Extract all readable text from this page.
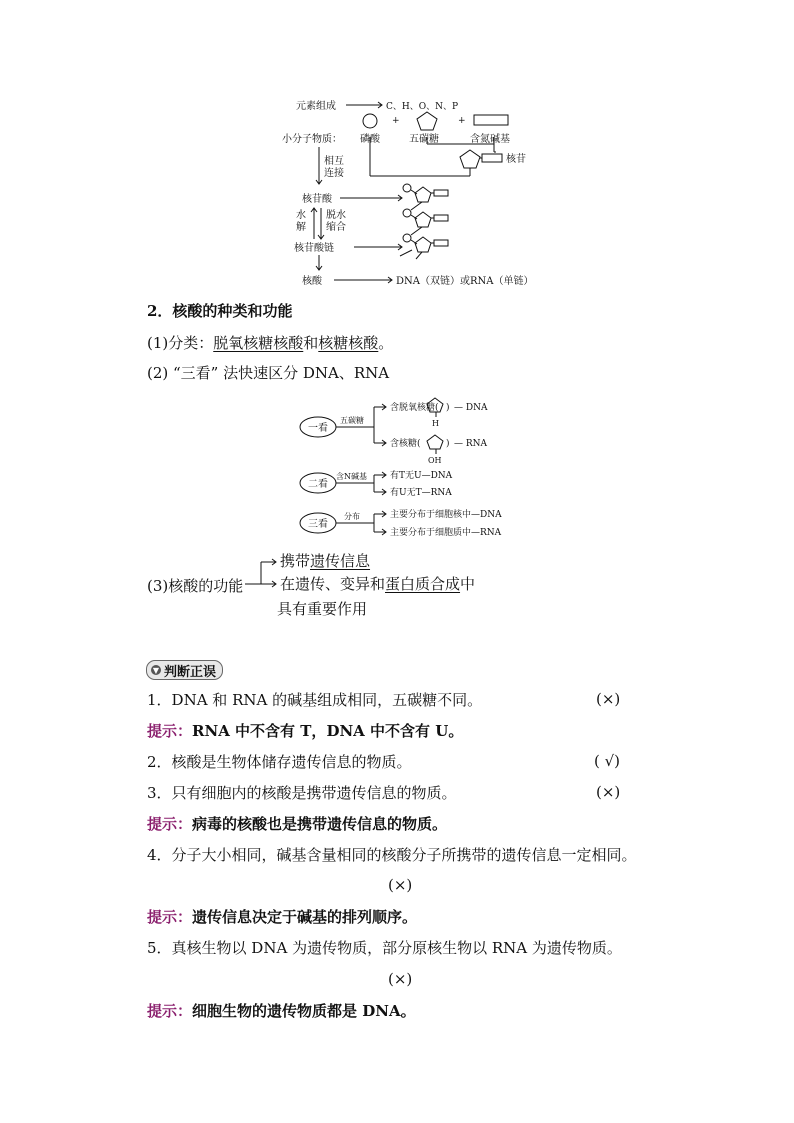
元素组成	C、H、O、N、P
+	+
小分子物质： 磷酸	五碳糖	含氮碱基
核苷
相互
连接
核苷酸
水
解
脱水
缩合
核苷酸链
核酸	DNA（双链）或RNA（单链）
2．核酸的种类和功能
(1)分类：脱氧核糖核酸和核糖核酸。
(2) “三看” 法快速区分 DNA、RNA
一看
二看
三看
五碳糖
含N碱基
分布
含脱氧核糖( ) — DNA
H
含核糖(	) — RNA
OH
有T无U—DNA
有U无T—RNA
主要分布于细胞核中—DNA
主要分布于细胞质中—RNA
(3)核酸的功能
携带遗传信息
在遗传、变异和蛋白质合成中
具有重要作用
▼ 判断正误
1．DNA 和 RNA 的碱基组成相同，五碳糖不同。	(×)
提示：RNA 中不含有 T，DNA 中不含有 U。
2．核酸是生物体储存遗传信息的物质。	( √)
3．只有细胞内的核酸是携带遗传信息的物质。	(×)
提示：病毒的核酸也是携带遗传信息的物质。
4．分子大小相同，碱基含量相同的核酸分子所携带的遗传信息一定相同。
(×)
提示：遗传信息决定于碱基的排列顺序。
5．真核生物以 DNA 为遗传物质，部分原核生物以 RNA 为遗传物质。
(×)
提示：细胞生物的遗传物质都是 DNA。
